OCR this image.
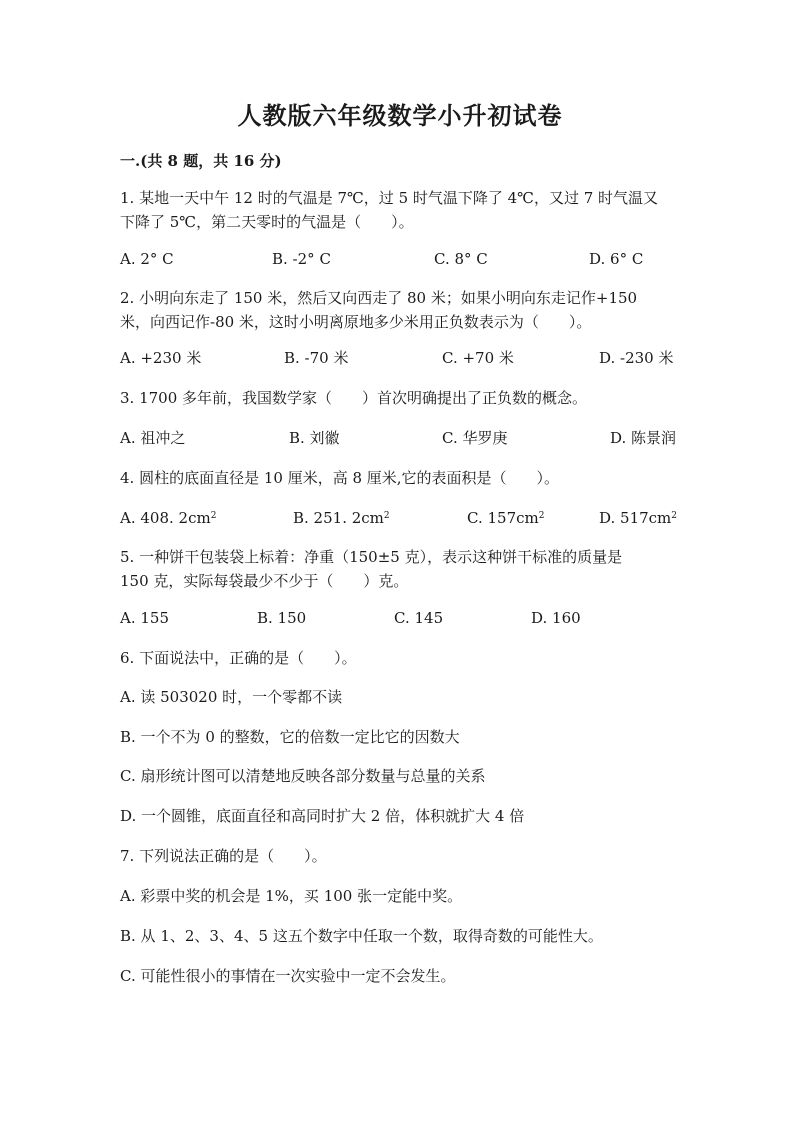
人教版六年级数学小升初试卷
一.(共 8 题，共 16 分)
1. 某地一天中午 12 时的气温是 7℃，过 5 时气温下降了 4℃，又过 7 时气温又
下降了 5℃，第二天零时的气温是（　　）。
A. 2° C	B. -2° C	C. 8° C	D. 6° C
2. 小明向东走了 150 米，然后又向西走了 80 米；如果小明向东走记作+150
米，向西记作-80 米，这时小明离原地多少米用正负数表示为（　　）。
A. +230 米	B. -70 米	C. +70 米	D. -230 米
3. 1700 多年前，我国数学家（　　）首次明确提出了正负数的概念。
A. 祖冲之	B. 刘徽	C. 华罗庚	D. 陈景润
4. 圆柱的底面直径是 10 厘米，高 8 厘米,它的表面积是（　　）。
A. 408. $2cm^2$	B. 251. $2cm^2$	C. $157cm^2$	D. $517cm^2$
5. 一种饼干包装袋上标着：净重（150±5 克），表示这种饼干标准的质量是
150 克，实际每袋最少不少于（　　）克。
A. 155	B. 150	C. 145	D. 160
6. 下面说法中，正确的是（　　）。
A. 读 503020 时，一个零都不读
B. 一个不为 0 的整数，它的倍数一定比它的因数大
C. 扇形统计图可以清楚地反映各部分数量与总量的关系
D. 一个圆锥，底面直径和高同时扩大 2 倍，体积就扩大 4 倍
7. 下列说法正确的是（　　）。
A. 彩票中奖的机会是 1%，买 100 张一定能中奖。
B. 从 1、2、3、4、5 这五个数字中任取一个数，取得奇数的可能性大。
C. 可能性很小的事情在一次实验中一定不会发生。
